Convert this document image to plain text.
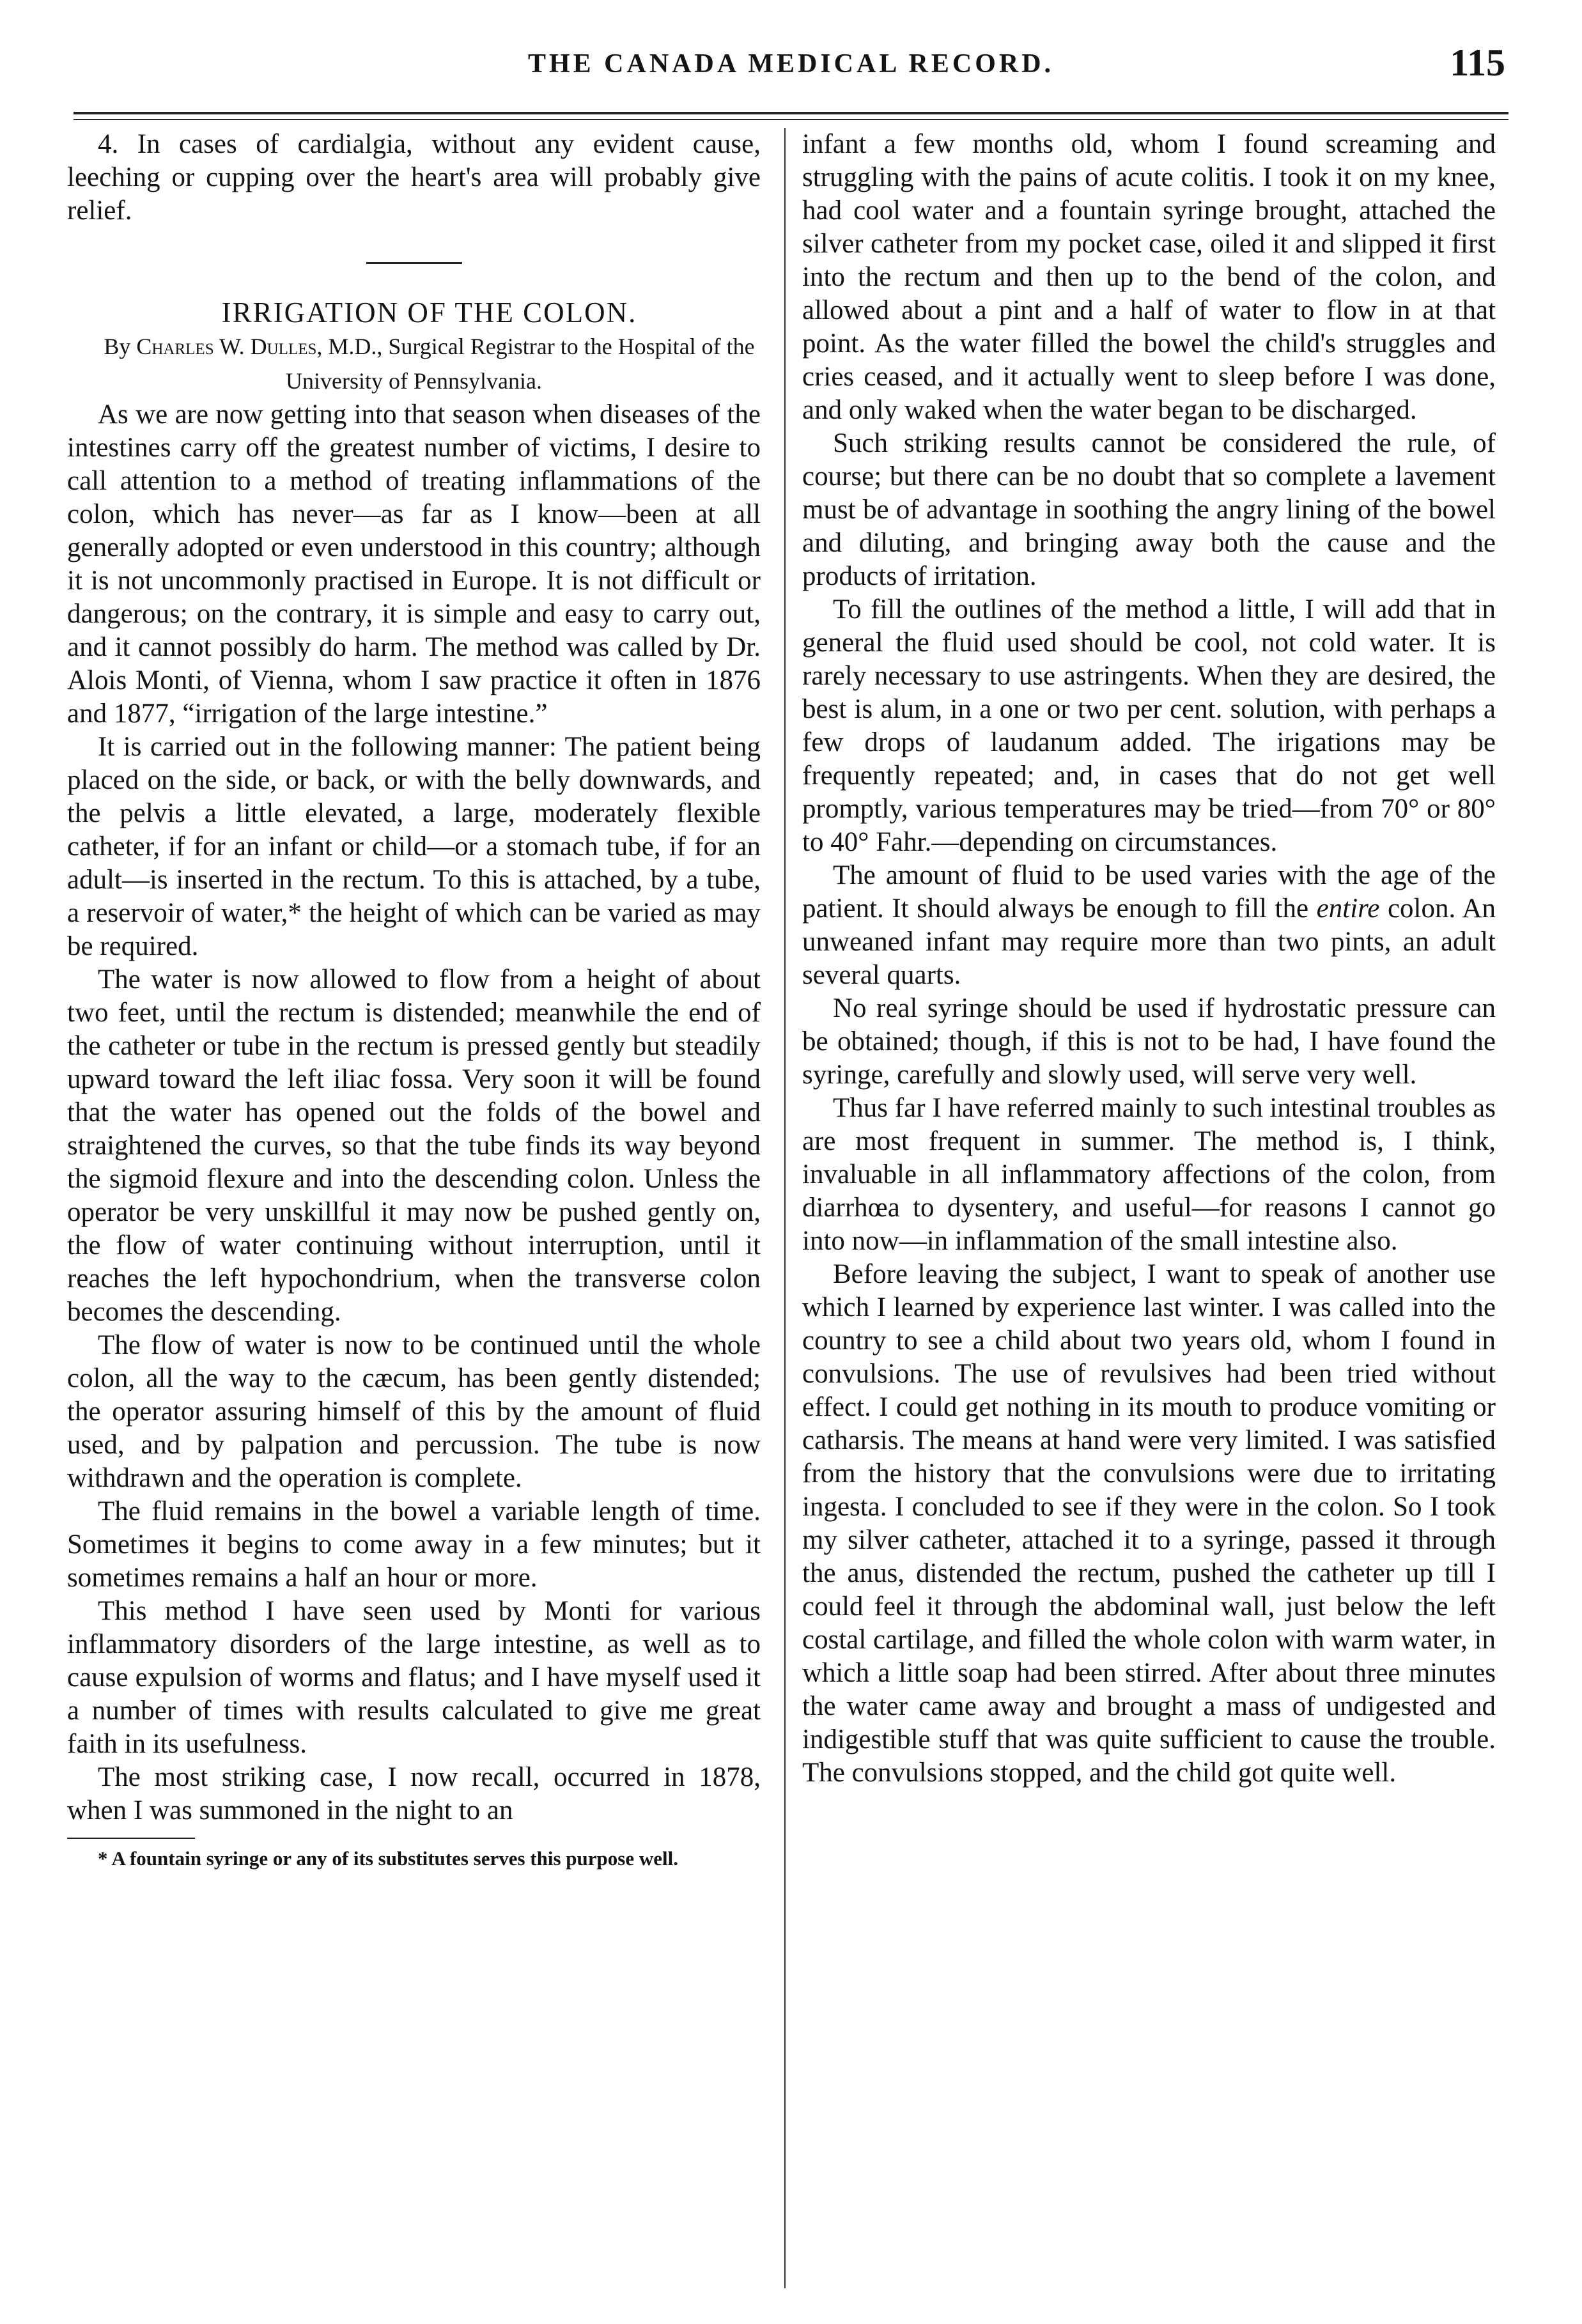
THE CANADA MEDICAL RECORD.	115

4. In cases of cardialgia, without any evident cause, leeching or cupping over the heart's area will probably give relief.

IRRIGATION OF THE COLON.

By Charles W. Dulles, M.D., Surgical Registrar to the Hospital of the University of Pennsylvania.

As we are now getting into that season when diseases of the intestines carry off the greatest number of victims, I desire to call attention to a method of treating inflammations of the colon, which has never—as far as I know—been at all generally adopted or even understood in this country; although it is not uncommonly practised in Europe. It is not difficult or dangerous; on the contrary, it is simple and easy to carry out, and it cannot possibly do harm. The method was called by Dr. Alois Monti, of Vienna, whom I saw practice it often in 1876 and 1877, “irrigation of the large intestine.”

It is carried out in the following manner: The patient being placed on the side, or back, or with the belly downwards, and the pelvis a little elevated, a large, moderately flexible catheter, if for an infant or child—or a stomach tube, if for an adult—is inserted in the rectum. To this is attached, by a tube, a reservoir of water,* the height of which can be varied as may be required.

The water is now allowed to flow from a height of about two feet, until the rectum is distended; meanwhile the end of the catheter or tube in the rectum is pressed gently but steadily upward toward the left iliac fossa. Very soon it will be found that the water has opened out the folds of the bowel and straightened the curves, so that the tube finds its way beyond the sigmoid flexure and into the descending colon. Unless the operator be very unskillful it may now be pushed gently on, the flow of water continuing without interruption, until it reaches the left hypochondrium, when the transverse colon becomes the descending.

The flow of water is now to be continued until the whole colon, all the way to the cæcum, has been gently distended; the operator assuring himself of this by the amount of fluid used, and by palpation and percussion. The tube is now withdrawn and the operation is complete.

The fluid remains in the bowel a variable length of time. Sometimes it begins to come away in a few minutes; but it sometimes remains a half an hour or more.

This method I have seen used by Monti for various inflammatory disorders of the large intestine, as well as to cause expulsion of worms and flatus; and I have myself used it a number of times with results calculated to give me great faith in its usefulness.

The most striking case, I now recall, occurred in 1878, when I was summoned in the night to an

* A fountain syringe or any of its substitutes serves this purpose well.

infant a few months old, whom I found screaming and struggling with the pains of acute colitis. I took it on my knee, had cool water and a fountain syringe brought, attached the silver catheter from my pocket case, oiled it and slipped it first into the rectum and then up to the bend of the colon, and allowed about a pint and a half of water to flow in at that point. As the water filled the bowel the child's struggles and cries ceased, and it actually went to sleep before I was done, and only waked when the water began to be discharged.

Such striking results cannot be considered the rule, of course; but there can be no doubt that so complete a lavement must be of advantage in soothing the angry lining of the bowel and diluting, and bringing away both the cause and the products of irritation.

To fill the outlines of the method a little, I will add that in general the fluid used should be cool, not cold water. It is rarely necessary to use astringents. When they are desired, the best is alum, in a one or two per cent. solution, with perhaps a few drops of laudanum added. The irigations may be frequently repeated; and, in cases that do not get well promptly, various temperatures may be tried—from 70° or 80° to 40° Fahr.—depending on circumstances.

The amount of fluid to be used varies with the age of the patient. It should always be enough to fill the entire colon. An unweaned infant may require more than two pints, an adult several quarts.

No real syringe should be used if hydrostatic pressure can be obtained; though, if this is not to be had, I have found the syringe, carefully and slowly used, will serve very well.

Thus far I have referred mainly to such intestinal troubles as are most frequent in summer. The method is, I think, invaluable in all inflammatory affections of the colon, from diarrhœa to dysentery, and useful—for reasons I cannot go into now—in inflammation of the small intestine also.

Before leaving the subject, I want to speak of another use which I learned by experience last winter. I was called into the country to see a child about two years old, whom I found in convulsions. The use of revulsives had been tried without effect. I could get nothing in its mouth to produce vomiting or catharsis. The means at hand were very limited. I was satisfied from the history that the convulsions were due to irritating ingesta. I concluded to see if they were in the colon. So I took my silver catheter, attached it to a syringe, passed it through the anus, distended the rectum, pushed the catheter up till I could feel it through the abdominal wall, just below the left costal cartilage, and filled the whole colon with warm water, in which a little soap had been stirred. After about three minutes the water came away and brought a mass of undigested and indigestible stuff that was quite sufficient to cause the trouble. The convulsions stopped, and the child got quite well.
